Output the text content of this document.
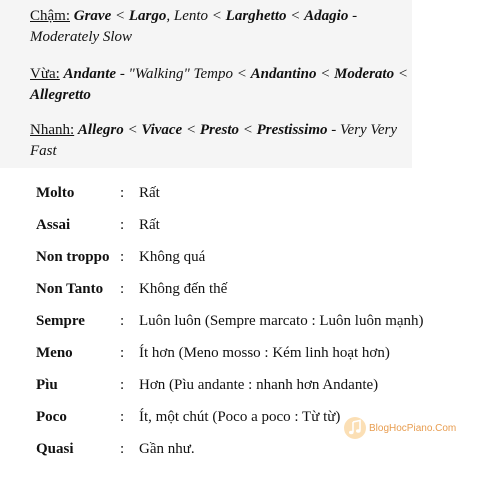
Chậm: Grave < Largo, Lento < Larghetto < Adagio - Moderately Slow
Vừa: Andante - "Walking" Tempo < Andantino < Moderato < Allegretto
Nhanh: Allegro < Vivace < Presto < Prestissimo - Very Very Fast
Molto	: Rất
Assai	: Rất
Non troppo : Không quá
Non Tanto : Không đến thế
Sempre : Luôn luôn (Sempre marcato : Luôn luôn mạnh)
Meno	: Ít hơn (Meno mosso : Kém linh hoạt hơn)
Pìu	: Hơn (Pìu andante : nhanh hơn Andante)
Poco	: Ít, một chút (Poco a poco : Từ từ)
Quasi	: Gần như.
BlogHocPiano.Com
